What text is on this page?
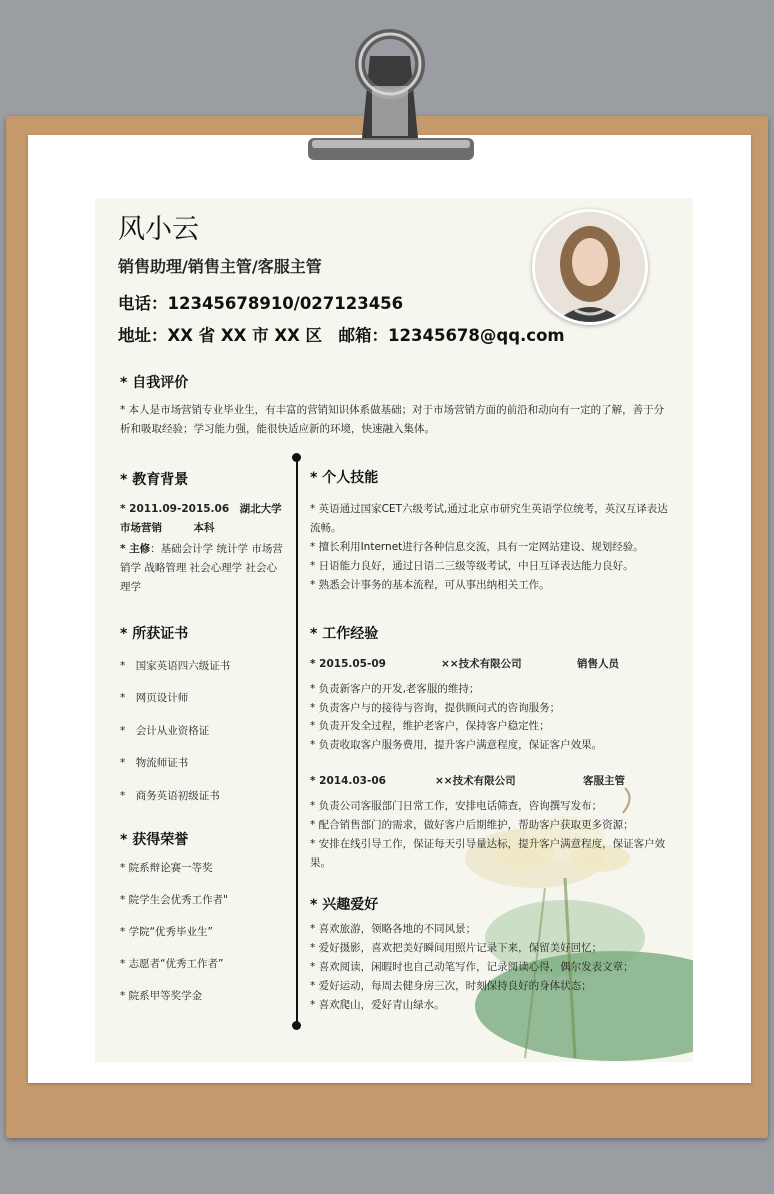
风小云
销售助理/销售主管/客服主管
电话：12345678910/027123456
地址：XX 省 XX 市 XX 区　邮箱：12345678@qq.com
* 自我评价
* 本人是市场营销专业毕业生，有丰富的营销知识体系做基础；对于市场营销方面的前沿和动向有一定的了解，善于分析和吸取经验；学习能力强，能很快适应新的环境，快速融入集体。
* 教育背景
* 2011.09-2015.06　湖北大学
市场营销　　　本科
* 主修：基础会计学 统计学 市场营销学 战略管理 社会心理学 社会心理学
* 所获证书
*　国家英语四六级证书
*　网页设计师
*　会计从业资格证
*　物流师证书
*　商务英语初级证书
* 获得荣誉
* 院系辩论赛一等奖
* 院学生会优秀工作者"
* 学院“优秀毕业生”
* 志愿者“优秀工作者”
* 院系甲等奖学金
* 个人技能
* 英语通过国家CET六级考试,通过北京市研究生英语学位统考，英汉互译表达流畅。
* 擅长利用Internet进行各种信息交流，具有一定网站建设、规划经验。
* 日语能力良好，通过日语二三级等级考试，中日互译表达能力良好。
* 熟悉会计事务的基本流程，可从事出纳相关工作。
* 工作经验
* 2015.05-09	××技术有限公司	销售人员
* 负责新客户的开发,老客服的维持；
* 负责客户与的接待与咨询，提供顾问式的咨询服务；
* 负责开发全过程，维护老客户，保持客户稳定性；
* 负责收取客户服务费用，提升客户满意程度，保证客户效果。
* 2014.03-06	××技术有限公司	客服主管
* 负责公司客服部门日常工作，安排电话筛查，咨询撰写发布；
* 配合销售部门的需求，做好客户后期维护，帮助客户获取更多资源；
* 安排在线引导工作，保证每天引导量达标，提升客户满意程度，保证客户效果。
* 兴趣爱好
* 喜欢旅游，领略各地的不同风景；
* 爱好摄影，喜欢把美好瞬间用照片记录下来，保留美好回忆；
* 喜欢阅读，闲暇时也自己动笔写作，记录阅读心得，偶尔发表文章；
* 爱好运动，每周去健身房三次，时刻保持良好的身体状态；
* 喜欢爬山，爱好青山绿水。
